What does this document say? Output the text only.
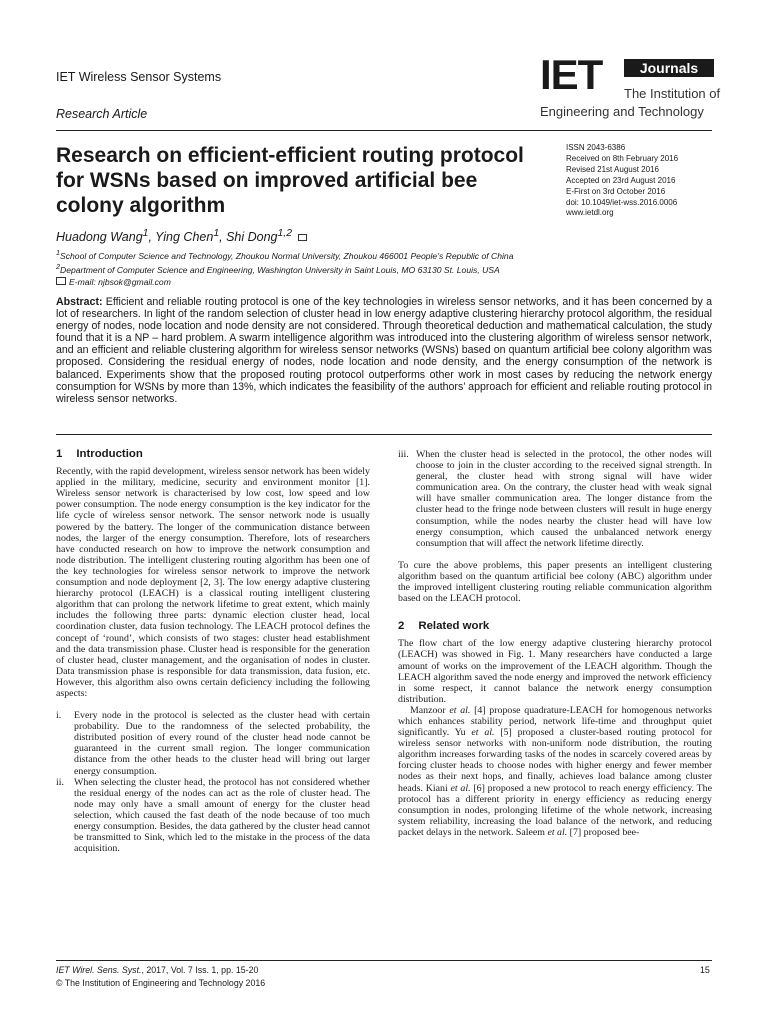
IET Wireless Sensor Systems
Research Article
IET	Journals
The Institution of
Engineering and Technology
Research on efficient-efficient routing protocol for WSNs based on improved artificial bee colony algorithm
ISSN 2043-6386
Received on 8th February 2016
Revised 21st August 2016
Accepted on 23rd August 2016
E-First on 3rd October 2016
doi: 10.1049/iet-wss.2016.0006
www.ietdl.org
Huadong Wang$^1$, Ying Chen$^1$, Shi Dong$^{1,2}$
$^1$School of Computer Science and Technology, Zhoukou Normal University, Zhoukou 466001 People’s Republic of China
$^2$Department of Computer Science and Engineering, Washington University in Saint Louis, MO 63130 St. Louis, USA
E-mail: njbsok@gmail.com
Abstract: Efficient and reliable routing protocol is one of the key technologies in wireless sensor networks, and it has been concerned by a lot of researchers. In light of the random selection of cluster head in low energy adaptive clustering hierarchy protocol algorithm, the residual energy of nodes, node location and node density are not considered. Through theoretical deduction and mathematical calculation, the study found that it is a NP – hard problem. A swarm intelligence algorithm was introduced into the clustering algorithm of wireless sensor network, and an efficient and reliable clustering algorithm for wireless sensor networks (WSNs) based on quantum artificial bee colony algorithm was proposed. Considering the residual energy of nodes, node location and node density, and the energy consumption of the network is balanced. Experiments show that the proposed routing protocol outperforms other work in most cases by reducing the network energy consumption for WSNs by more than 13%, which indicates the feasibility of the authors’ approach for efficient and reliable routing protocol in wireless sensor networks.
1 Introduction

Recently, with the rapid development, wireless sensor network has been widely applied in the military, medicine, security and environment monitor [1]. Wireless sensor network is characterised by low cost, low speed and low power consumption. The node energy consumption is the key indicator for the life cycle of wireless sensor network. The sensor network node is usually powered by the battery. The longer of the communication distance between nodes, the larger of the energy consumption. Therefore, lots of researchers have conducted research on how to improve the network consumption and node distribution. The intelligent clustering routing algorithm has been one of the key technologies for wireless sensor network to improve the network consumption and node deployment [2, 3]. The low energy adaptive clustering hierarchy protocol (LEACH) is a classical routing intelligent clustering algorithm that can prolong the network lifetime to great extent, which mainly includes the following three parts: dynamic election cluster head, local coordination cluster, data fusion technology. The LEACH protocol defines the concept of ‘round’, which consists of two stages: cluster head establishment and the data transmission phase. Cluster head is responsible for the generation of cluster head, cluster management, and the organisation of nodes in cluster. Data transmission phase is responsible for data transmission, data fusion, etc. However, this algorithm also owns certain deficiency including the following aspects:

i. Every node in the protocol is selected as the cluster head with certain probability. Due to the randomness of the selected probability, the distributed position of every round of the cluster head node cannot be guaranteed in the current small region. The longer communication distance from the other heads to the cluster head will bring out larger energy consumption.
ii. When selecting the cluster head, the protocol has not considered whether the residual energy of the nodes can act as the role of cluster head. The node may only have a small amount of energy for the cluster head selection, which caused the fast death of the node because of too much energy consumption. Besides, the data gathered by the cluster head cannot be transmitted to Sink, which led to the mistake in the process of the data acquisition.
iii. When the cluster head is selected in the protocol, the other nodes will choose to join in the cluster according to the received signal strength. In general, the cluster head with strong signal will have wider communication area. On the contrary, the cluster head with weak signal will have smaller communication area. The longer distance from the cluster head to the fringe node between clusters will result in huge energy consumption, while the nodes nearby the cluster head will have low energy consumption, which caused the unbalanced network energy consumption that will affect the network lifetime directly.

To cure the above problems, this paper presents an intelligent clustering algorithm based on the quantum artificial bee colony (ABC) algorithm under the improved intelligent clustering routing reliable communication algorithm based on the LEACH protocol.

2 Related work

The flow chart of the low energy adaptive clustering hierarchy protocol (LEACH) was showed in Fig. 1. Many researchers have conducted a large amount of works on the improvement of the LEACH algorithm. Though the LEACH algorithm saved the node energy and improved the network efficiency in some respect, it cannot balance the network energy consumption distribution.

Manzoor et al. [4] propose quadrature-LEACH for homogenous networks which enhances stability period, network life-time and throughput quiet significantly. Yu et al. [5] proposed a cluster-based routing protocol for wireless sensor networks with non-uniform node distribution, the routing algorithm increases forwarding tasks of the nodes in scarcely covered areas by forcing cluster heads to choose nodes with higher energy and fewer member nodes as their next hops, and finally, achieves load balance among cluster heads. Kiani et al. [6] proposed a new protocol to reach energy efficiency. The protocol has a different priority in energy efficiency as reducing energy consumption in nodes, prolonging lifetime of the whole network, increasing system reliability, increasing the load balance of the network, and reducing packet delays in the network. Saleem et al. [7] proposed bee-

IET Wirel. Sens. Syst., 2017, Vol. 7 Iss. 1, pp. 15-20
© The Institution of Engineering and Technology 2016
15
